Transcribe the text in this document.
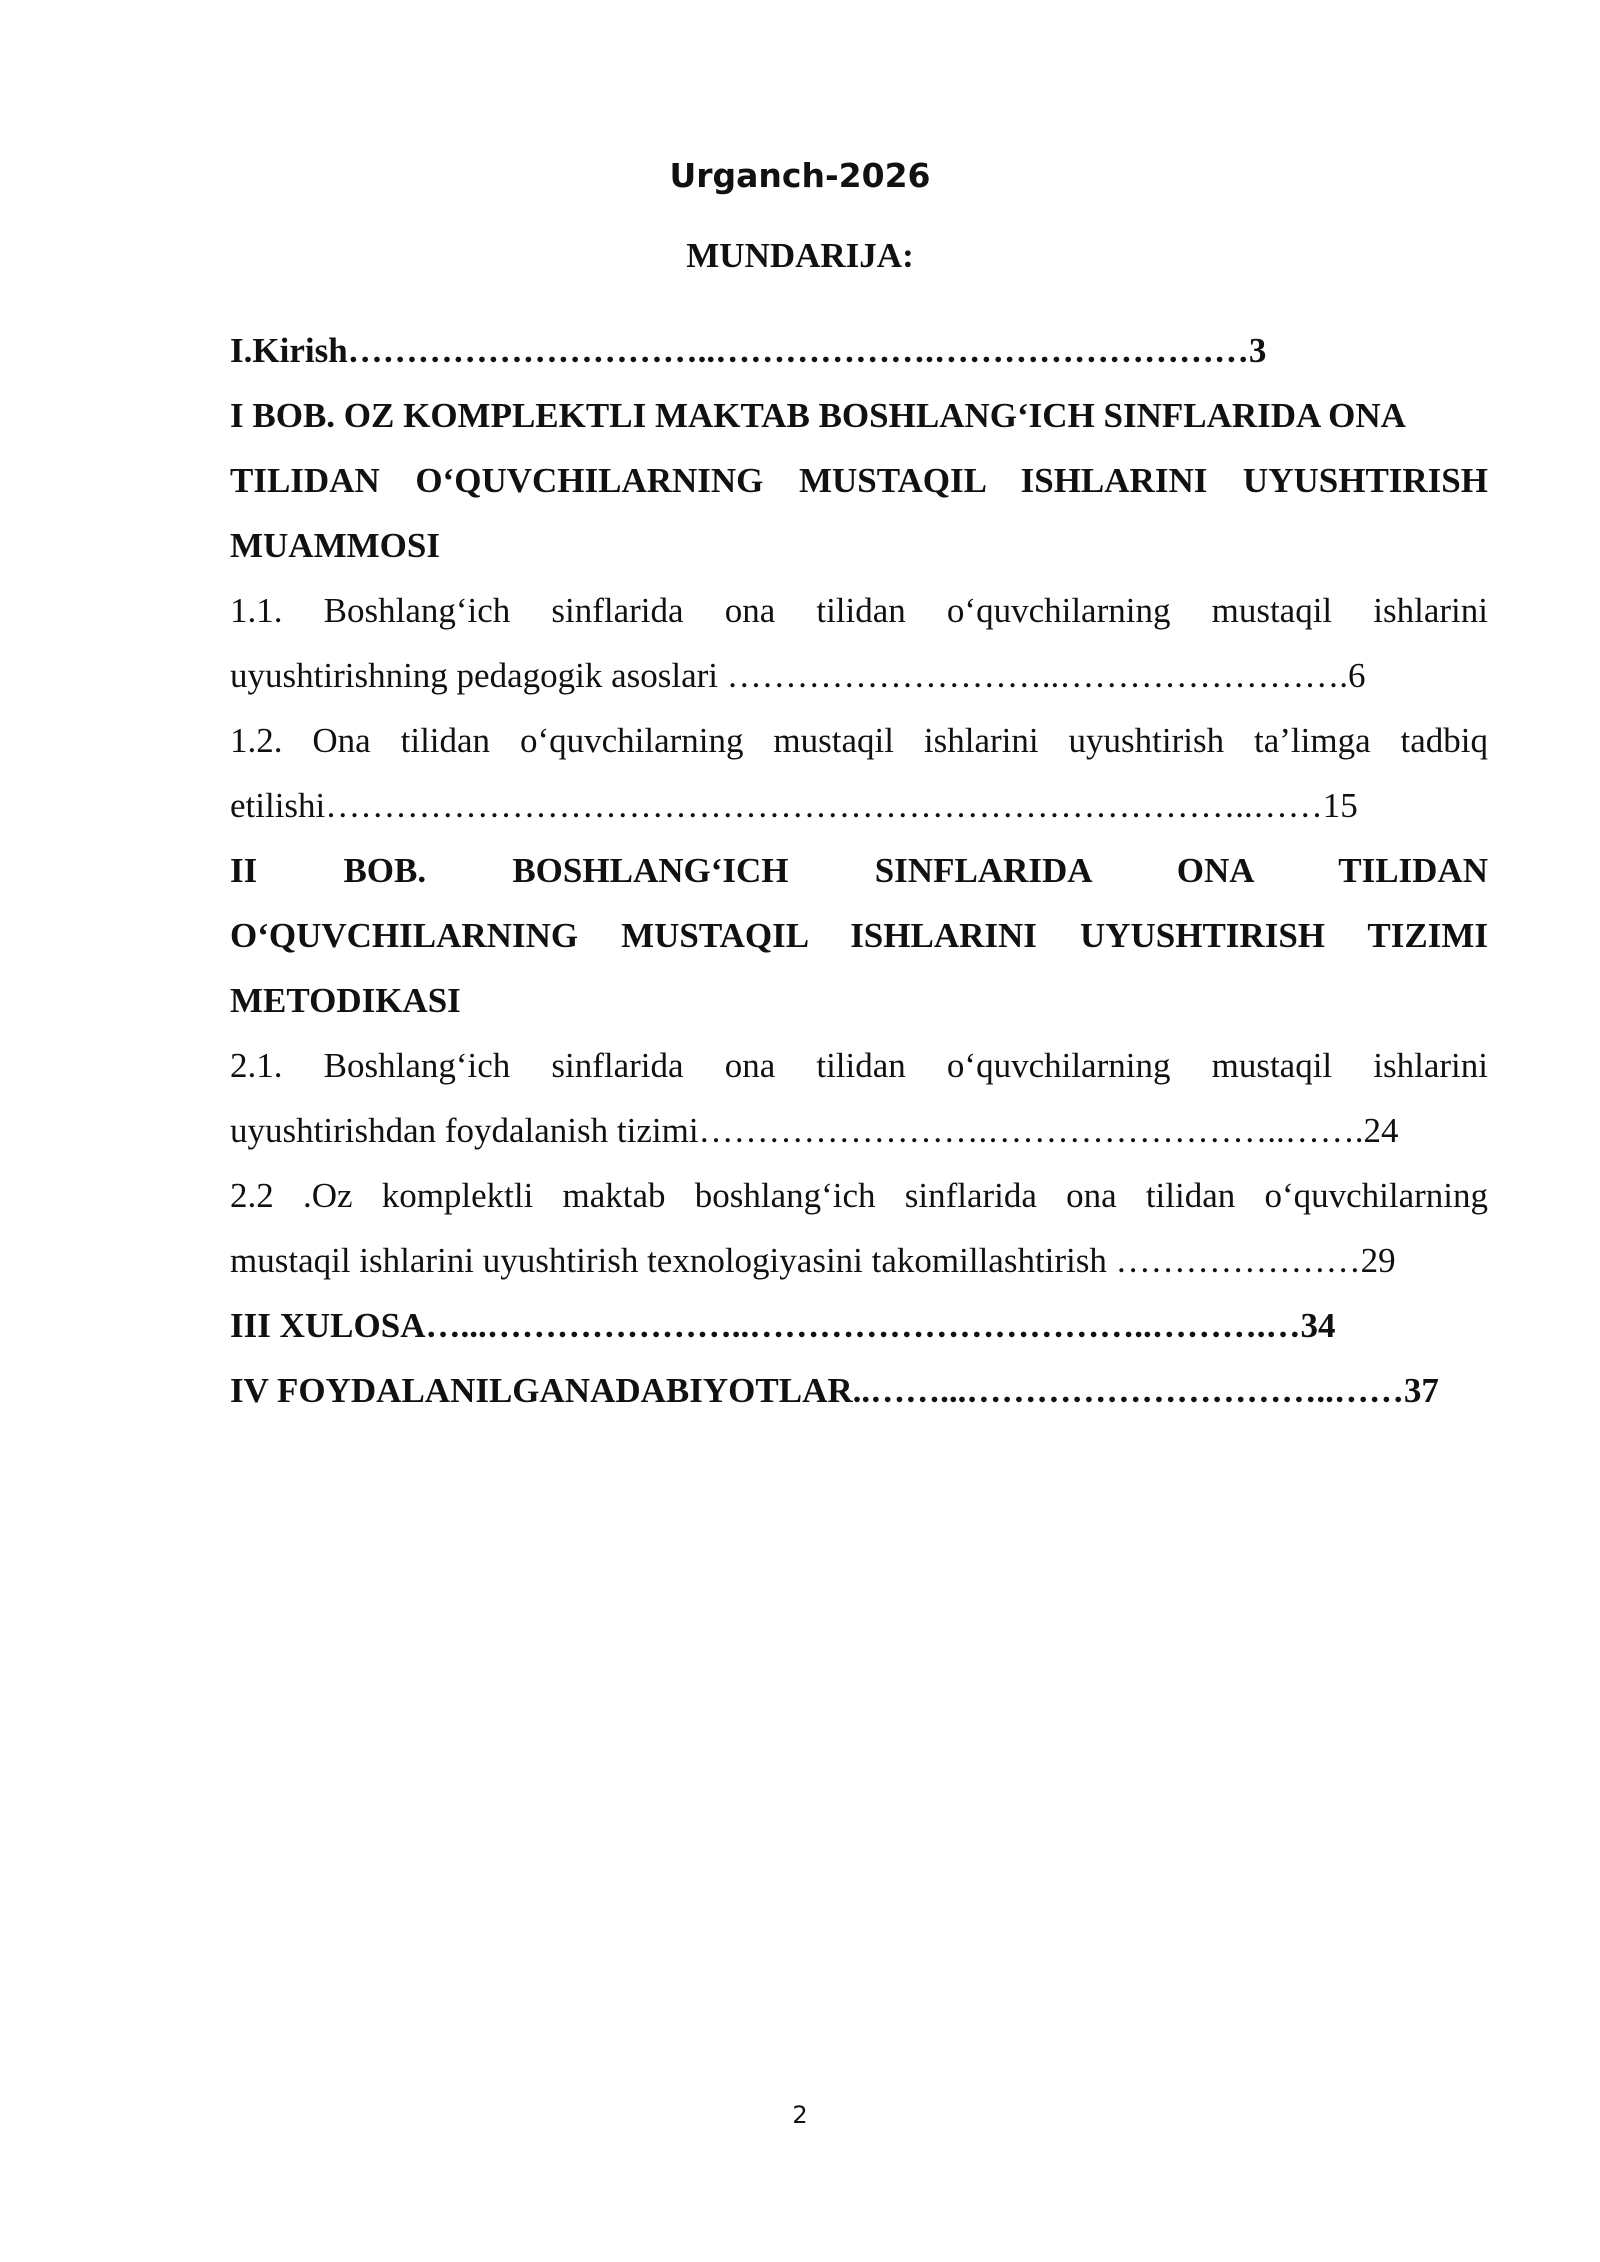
Urganch-2026
MUNDARIJA:
I.Kirish…………………………..……………….………………………3
I BOB. OZ KOMPLEKTLI MAKTAB BOSHLANG‘ICH SINFLARIDA ONA
TILIDAN O‘QUVCHILARNING MUSTAQIL ISHLARINI UYUSHTIRISH
MUAMMOSI
1.1. Boshlang‘ich sinflarida ona tilidan o‘quvchilarning mustaqil ishlarini
uyushtirishning pedagogik asoslari ………………………..…………………….6
1.2. Ona tilidan o‘quvchilarning mustaqil ishlarini uyushtirish ta’limga tadbiq
etilishi……………………………………………………………………..……15
II BOB. BOSHLANG‘ICH SINFLARIDA ONA TILIDAN
O‘QUVCHILARNING MUSTAQIL ISHLARINI UYUSHTIRISH TIZIMI
METODIKASI
2.1. Boshlang‘ich sinflarida ona tilidan o‘quvchilarning mustaqil ishlarini
uyushtirishdan foydalanish tizimi…………………….……………………..…….24
2.2 .Oz komplektli maktab boshlang‘ich sinflarida ona tilidan o‘quvchilarning
mustaqil ishlarini uyushtirish texnologiyasini takomillashtirish …………………29
III XULOSA…...…………………..……………………………..……….…34
IV FOYDALANILGANADABIYOTLAR..……...…………………………..……37
2
